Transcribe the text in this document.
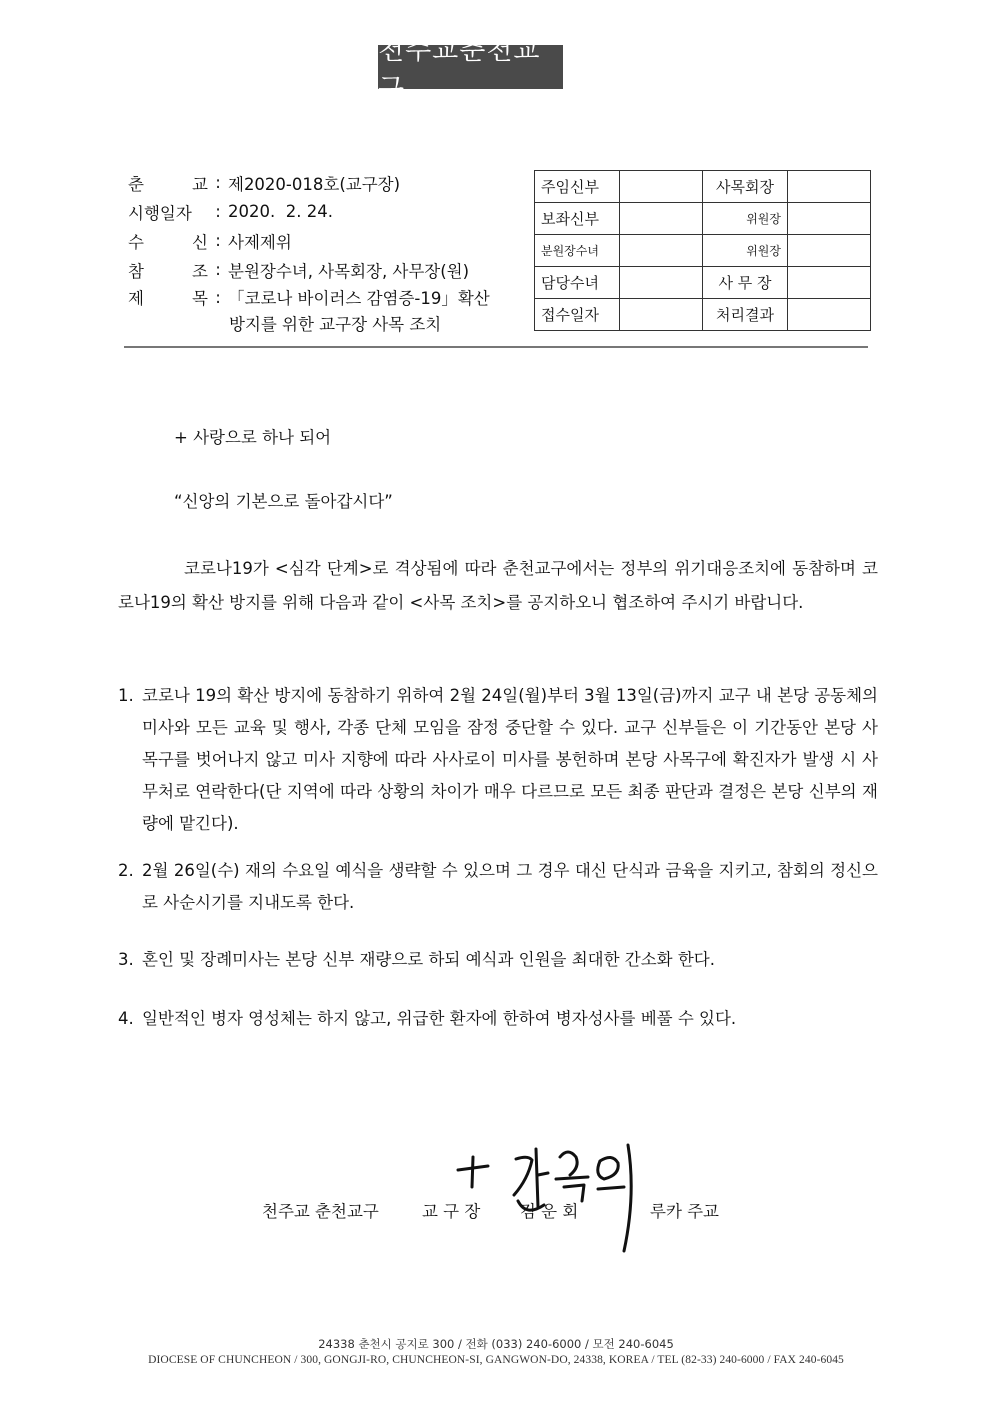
천주교춘천교구
춘	교 : 제2020-018호(교구장)
시행일자	: 2020.  2. 24.
수	신 : 사제제위
참	조 : 분원장수녀, 사목회장, 사무장(원)
제	목 : 「코로나 바이러스 감염증-19」확산
방지를 위한 교구장 사목 조치
주임신부		사목회장	
보좌신부		위원장	
분원장수녀		위원장	
담당수녀		사 무 장	
접수일자		처리결과	
+ 사랑으로 하나 되어
“신앙의 기본으로 돌아갑시다”
코로나19가 <심각 단계>로 격상됨에 따라 춘천교구에서는 정부의 위기대응조치에 동참하며 코로나19의 확산 방지를 위해 다음과 같이 <사목 조치>를 공지하오니 협조하여 주시기 바랍니다.
1. 코로나 19의 확산 방지에 동참하기 위하여 2월 24일(월)부터 3월 13일(금)까지 교구 내 본당 공동체의 미사와 모든 교육 및 행사, 각종 단체 모임을 잠정 중단할 수 있다. 교구 신부들은 이 기간동안 본당 사목구를 벗어나지 않고 미사 지향에 따라 사사로이 미사를 봉헌하며 본당 사목구에 확진자가 발생 시 사무처로 연락한다(단 지역에 따라 상황의 차이가 매우 다르므로 모든 최종 판단과 결정은 본당 신부의 재량에 맡긴다).
2. 2월 26일(수) 재의 수요일 예식을 생략할 수 있으며 그 경우 대신 단식과 금육을 지키고, 참회의 정신으로 사순시기를 지내도록 한다.
3. 혼인 및 장례미사는 본당 신부 재량으로 하되 예식과 인원을 최대한 간소화 한다.
4. 일반적인 병자 영성체는 하지 않고, 위급한 환자에 한하여 병자성사를 베풀 수 있다.
천주교 춘천교구	교 구 장	김 운 회	루카 주교
24338 춘천시 공지로 300 / 전화 (033) 240-6000 / 모전 240-6045
DIOCESE OF CHUNCHEON / 300, GONGJI-RO, CHUNCHEON-SI, GANGWON-DO, 24338, KOREA / TEL (82-33) 240-6000 / FAX 240-6045
